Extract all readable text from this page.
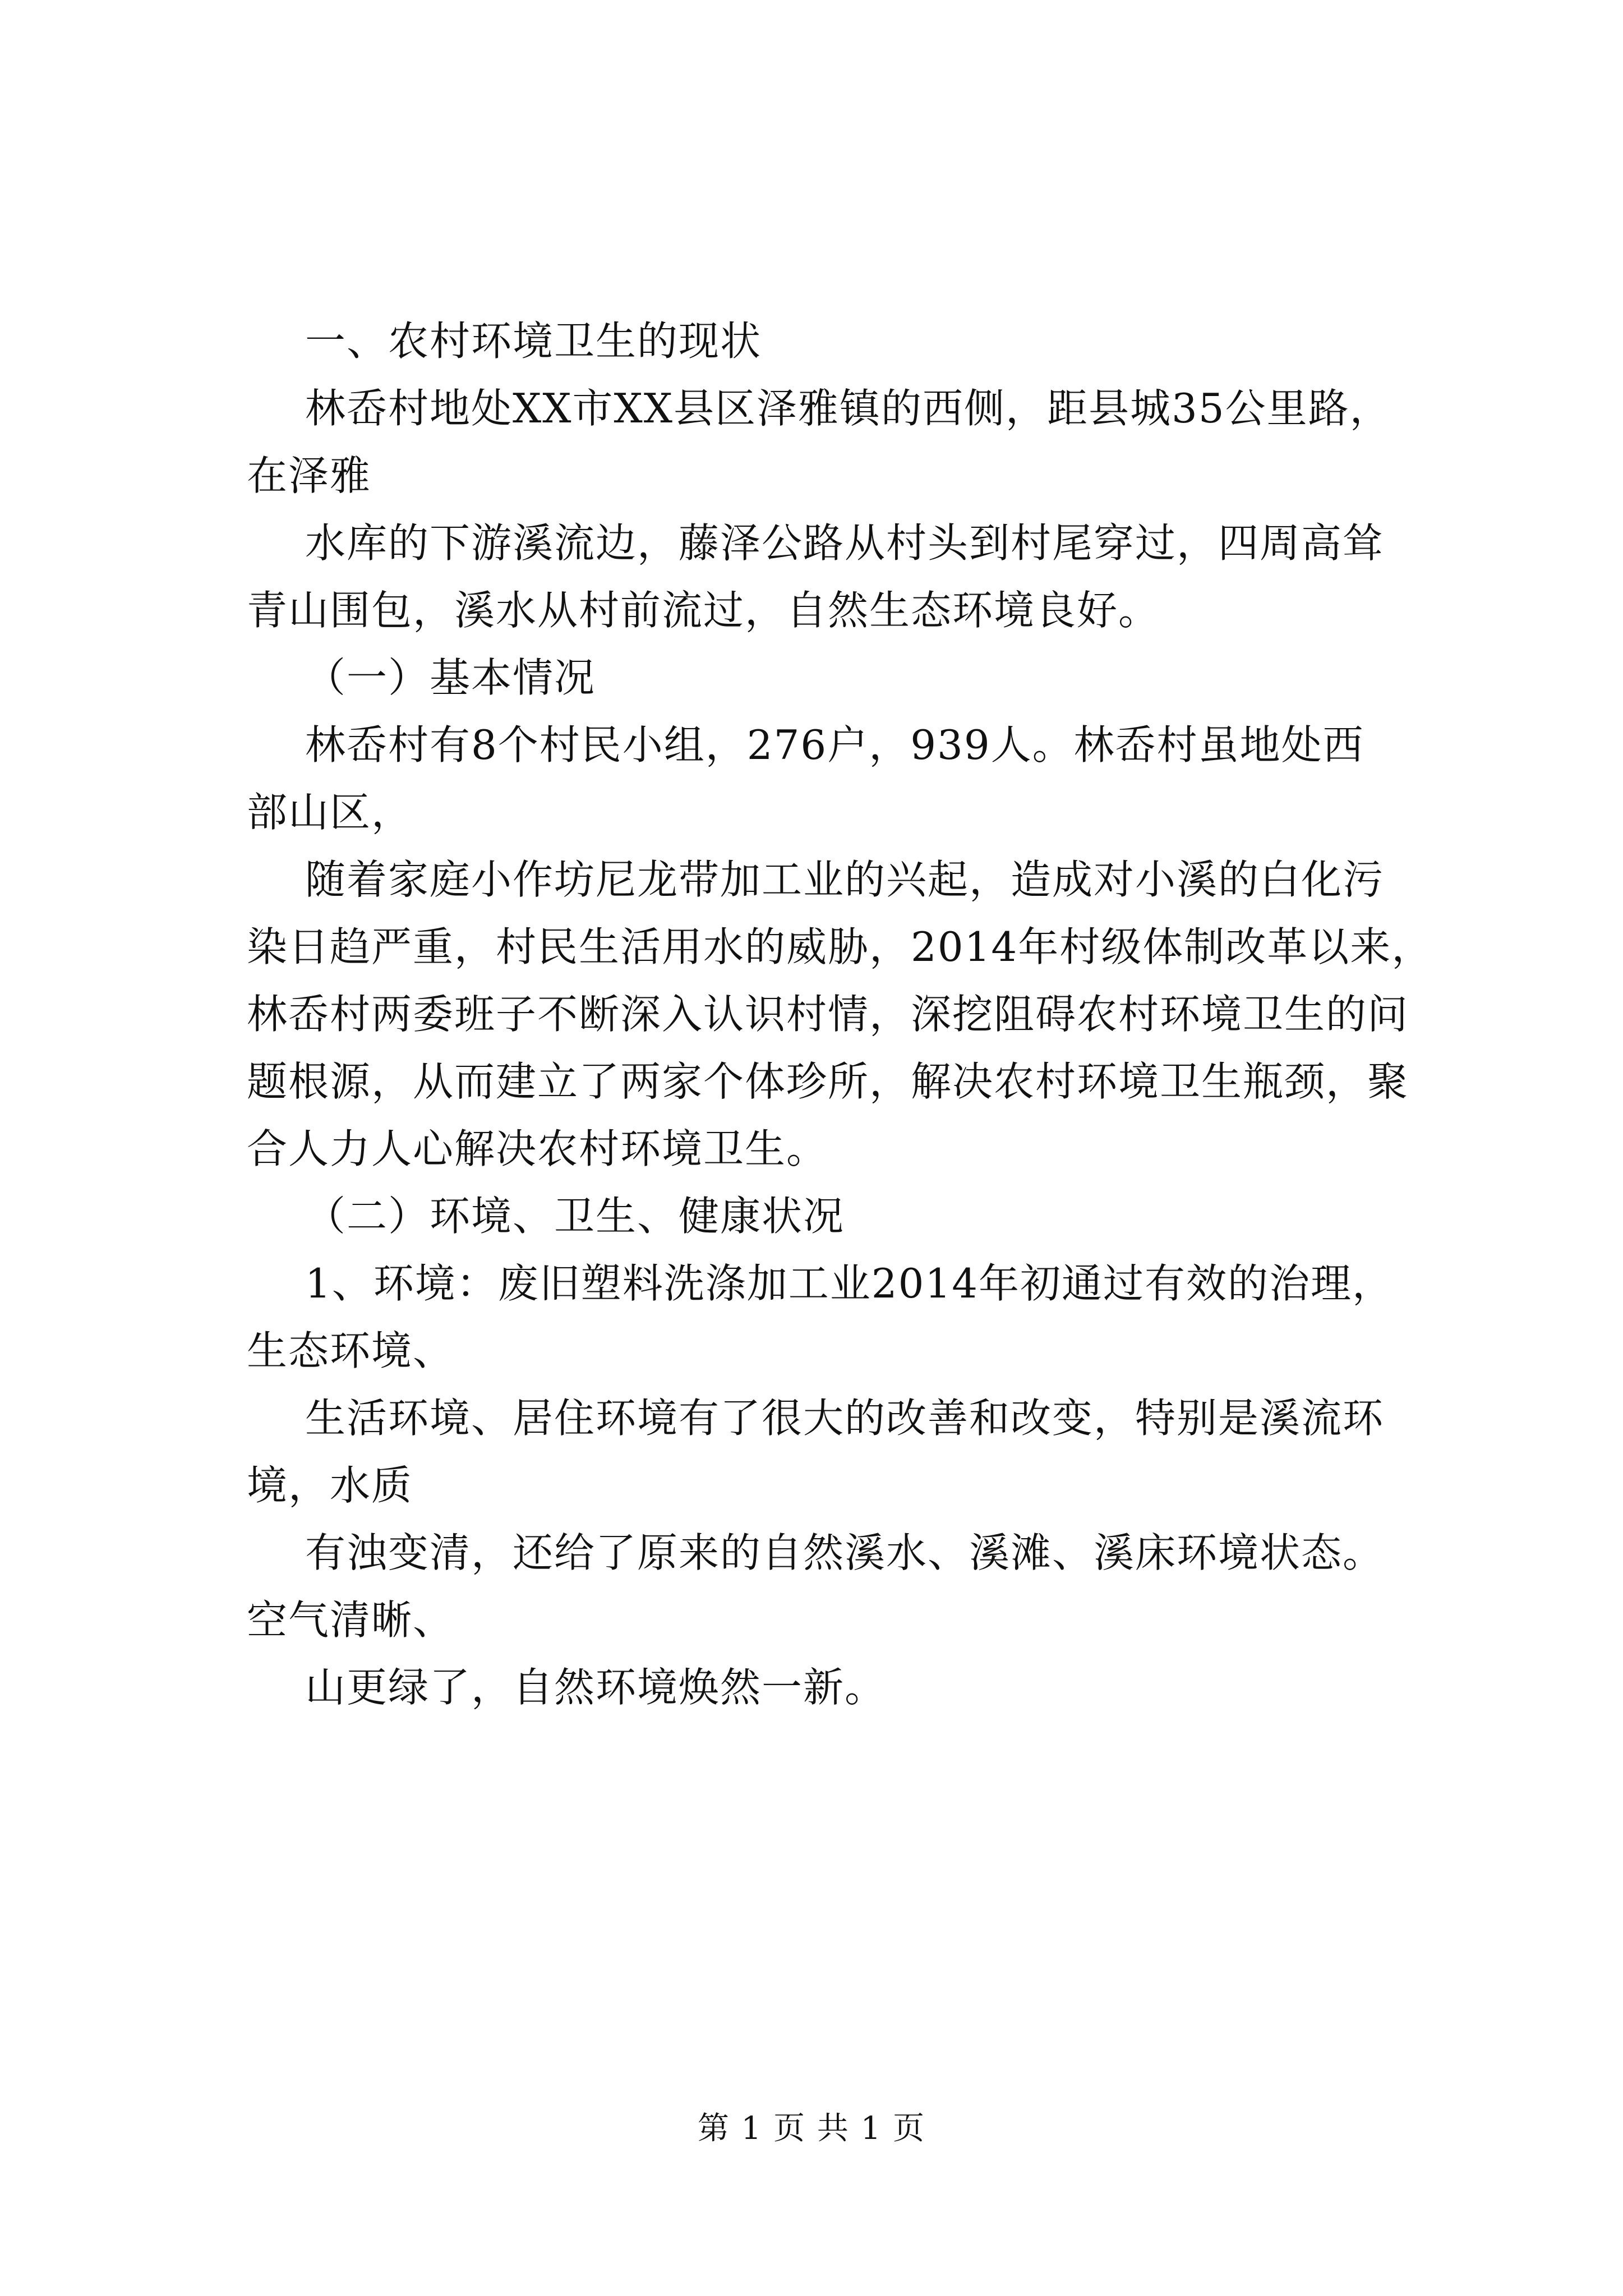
一、农村环境卫生的现状
林岙村地处XX市XX县区泽雅镇的西侧，距县城35公里路，
在泽雅
水库的下游溪流边，藤泽公路从村头到村尾穿过，四周高耸
青山围包，溪水从村前流过，自然生态环境良好。
（一）基本情况
林岙村有8个村民小组，276户，939人。林岙村虽地处西
部山区，
随着家庭小作坊尼龙带加工业的兴起，造成对小溪的白化污
染日趋严重，村民生活用水的威胁，2014年村级体制改革以来，
林岙村两委班子不断深入认识村情，深挖阻碍农村环境卫生的问
题根源，从而建立了两家个体珍所，解决农村环境卫生瓶颈，聚
合人力人心解决农村环境卫生。
（二）环境、卫生、健康状况
1、环境：废旧塑料洗涤加工业2014年初通过有效的治理，
生态环境、
生活环境、居住环境有了很大的改善和改变，特别是溪流环
境，水质
有浊变清，还给了原来的自然溪水、溪滩、溪床环境状态。
空气清晰、
山更绿了，自然环境焕然一新。
第 1 页 共 1 页
